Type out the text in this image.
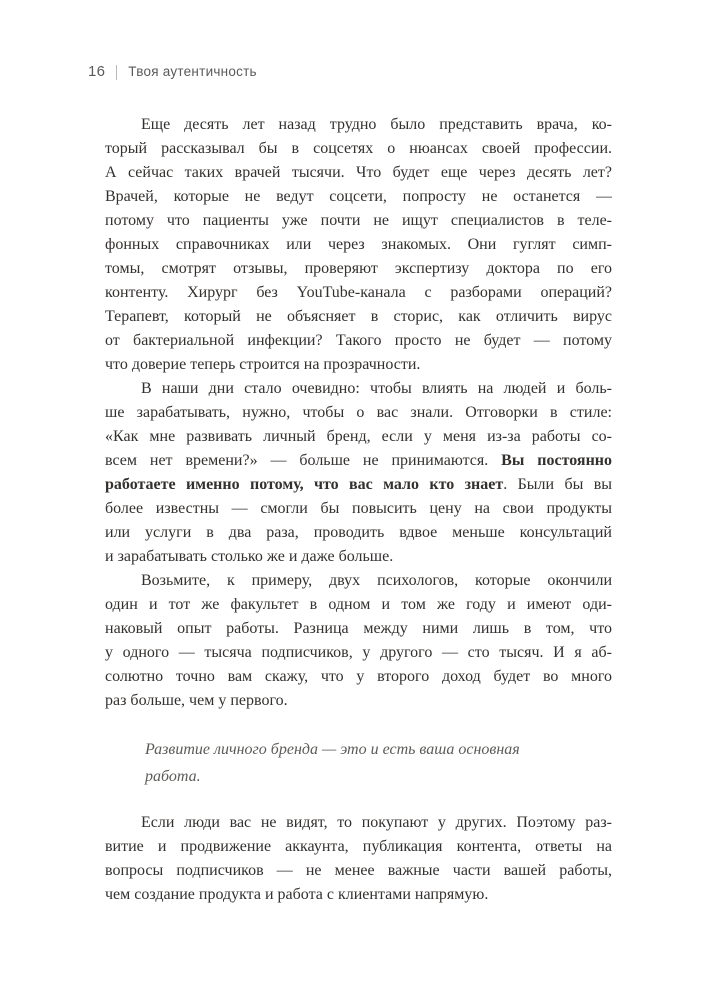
16 Твоя аутентичность
Еще десять лет назад трудно было представить врача, ко-
торый рассказывал бы в соцсетях о нюансах своей профессии.
А сейчас таких врачей тысячи. Что будет еще через десять лет?
Врачей, которые не ведут соцсети, попросту не останется —
потому что пациенты уже почти не ищут специалистов в теле-
фонных справочниках или через знакомых. Они гуглят симп-
томы, смотрят отзывы, проверяют экспертизу доктора по его
контенту. Хирург без YouTube-канала с разборами операций?
Терапевт, который не объясняет в сторис, как отличить вирус
от бактериальной инфекции? Такого просто не будет — потому
что доверие теперь строится на прозрачности.
В наши дни стало очевидно: чтобы влиять на людей и боль-
ше зарабатывать, нужно, чтобы о вас знали. Отговорки в стиле:
«Как мне развивать личный бренд, если у меня из-за работы со-
всем нет времени?» — больше не принимаются. Вы постоянно
работаете именно потому, что вас мало кто знает. Были бы вы
более известны — смогли бы повысить цену на свои продукты
или услуги в два раза, проводить вдвое меньше консультаций
и зарабатывать столько же и даже больше.
Возьмите, к примеру, двух психологов, которые окончили
один и тот же факультет в одном и том же году и имеют оди-
наковый опыт работы. Разница между ними лишь в том, что
у одного — тысяча подписчиков, у другого — сто тысяч. И я аб-
солютно точно вам скажу, что у второго доход будет во много
раз больше, чем у первого.
Развитие личного бренда — это и есть ваша основная
работа.
Если люди вас не видят, то покупают у других. Поэтому раз-
витие и продвижение аккаунта, публикация контента, ответы на
вопросы подписчиков — не менее важные части вашей работы,
чем создание продукта и работа с клиентами напрямую.
